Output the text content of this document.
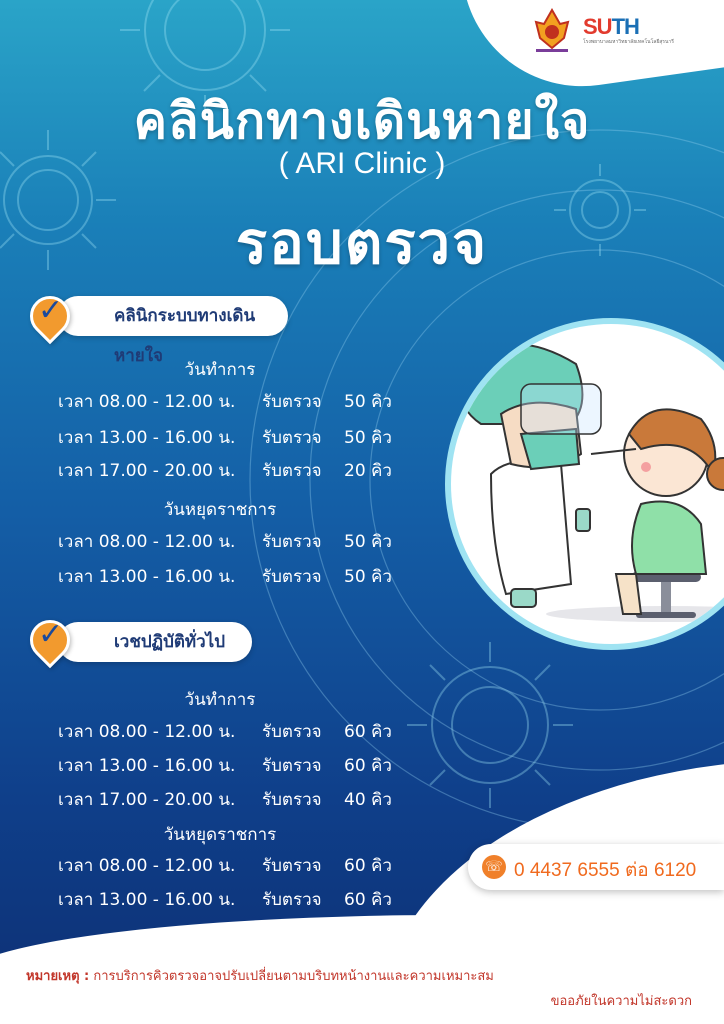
SUTH
โรงพยาบาลมหาวิทยาลัยเทคโนโลยีสุรนารี
คลินิกทางเดินหายใจ
( ARI Clinic )
รอบตรวจ
คลินิกระบบทางเดินหายใจ
✓
วันทำการ
เวลา 08.00 - 12.00 น. รับตรวจ 50 คิว
เวลา 13.00 - 16.00 น. รับตรวจ 50 คิว
เวลา 17.00 - 20.00 น. รับตรวจ 20 คิว
วันหยุดราชการ
เวลา 08.00 - 12.00 น. รับตรวจ 50 คิว
เวลา 13.00 - 16.00 น. รับตรวจ 50 คิว
เวชปฏิบัติทั่วไป
✓
วันทำการ
เวลา 08.00 - 12.00 น. รับตรวจ 60 คิว
เวลา 13.00 - 16.00 น. รับตรวจ 60 คิว
เวลา 17.00 - 20.00 น. รับตรวจ 40 คิว
วันหยุดราชการ
เวลา 08.00 - 12.00 น. รับตรวจ 60 คิว
เวลา 13.00 - 16.00 น. รับตรวจ 60 คิว
☏ 0 4437 6555 ต่อ 6120
หมายเหตุ : การบริการคิวตรวจอาจปรับเปลี่ยนตามบริบทหน้างานและความเหมาะสม
ขออภัยในความไม่สะดวก
